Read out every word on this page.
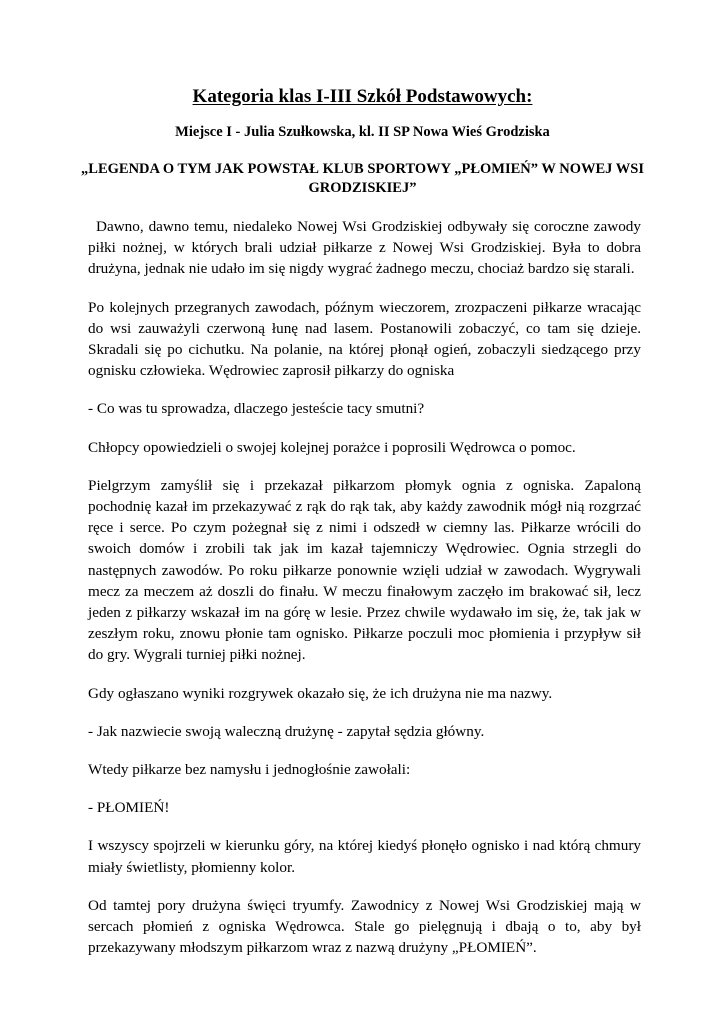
Kategoria klas I-III Szkół Podstawowych:
Miejsce I - Julia Szułkowska, kl. II SP Nowa Wieś Grodziska
„LEGENDA O TYM JAK POWSTAŁ KLUB SPORTOWY „PŁOMIEŃ” W NOWEJ WSI GRODZISKIEJ”

Dawno, dawno temu, niedaleko Nowej Wsi Grodziskiej odbywały się coroczne zawody piłki nożnej, w których brali udział piłkarze z Nowej Wsi Grodziskiej. Była to dobra drużyna, jednak nie udało im się nigdy wygrać żadnego meczu, chociaż bardzo się starali.

Po kolejnych przegranych zawodach, późnym wieczorem, zrozpaczeni piłkarze wracając do wsi zauważyli czerwoną łunę nad lasem. Postanowili zobaczyć, co tam się dzieje. Skradali się po cichutku. Na polanie, na której płonął ogień, zobaczyli siedzącego przy ognisku człowieka. Wędrowiec zaprosił piłkarzy do ogniska

- Co was tu sprowadza, dlaczego jesteście tacy smutni?

Chłopcy opowiedzieli o swojej kolejnej porażce i poprosili Wędrowca o pomoc.

Pielgrzym zamyślił się i przekazał piłkarzom płomyk ognia z ogniska. Zapaloną pochodnię kazał im przekazywać z rąk do rąk tak, aby każdy zawodnik mógł nią rozgrzać ręce i serce. Po czym pożegnał się z nimi i odszedł w ciemny las. Piłkarze wrócili do swoich domów i zrobili tak jak im kazał tajemniczy Wędrowiec. Ognia strzegli do następnych zawodów. Po roku piłkarze ponownie wzięli udział w zawodach. Wygrywali mecz za meczem aż doszli do finału. W meczu finałowym zaczęło im brakować sił, lecz jeden z piłkarzy wskazał im na górę w lesie. Przez chwile wydawało im się, że, tak jak w zeszłym roku, znowu płonie tam ognisko. Piłkarze poczuli moc płomienia i przypływ sił do gry. Wygrali turniej piłki nożnej.

Gdy ogłaszano wyniki rozgrywek okazało się, że ich drużyna nie ma nazwy.

- Jak nazwiecie swoją waleczną drużynę - zapytał sędzia główny.

Wtedy piłkarze bez namysłu i jednogłośnie zawołali:

- PŁOMIEŃ!

I wszyscy spojrzeli w kierunku góry, na której kiedyś płonęło ognisko i nad którą chmury miały świetlisty, płomienny kolor.

Od tamtej pory drużyna święci tryumfy. Zawodnicy z Nowej Wsi Grodziskiej mają w sercach płomień z ogniska Wędrowca. Stale go pielęgnują i dbają o to, aby był przekazywany młodszym piłkarzom wraz z nazwą drużyny „PŁOMIEŃ”.
